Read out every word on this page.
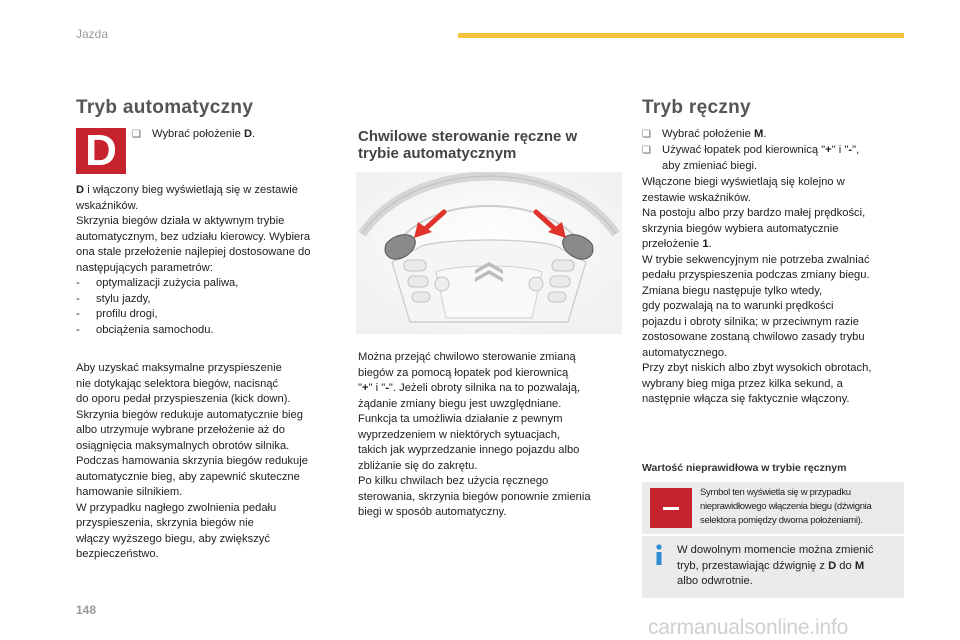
Jazda
Tryb automatyczny
D	❏ Wybrać położenie D.
D i włączony bieg wyświetlają się w zestawie
wskaźników.
Skrzynia biegów działa w aktywnym trybie
automatycznym, bez udziału kierowcy. Wybiera
ona stale przełożenie najlepiej dostosowane do
następujących parametrów:
- optymalizacji zużycia paliwa,
- stylu jazdy,
- profilu drogi,
- obciążenia samochodu.
Aby uzyskać maksymalne przyspieszenie
nie dotykając selektora biegów, nacisnąć
do oporu pedał przyspieszenia (kick down).
Skrzynia biegów redukuje automatycznie bieg
albo utrzymuje wybrane przełożenie aż do
osiągnięcia maksymalnych obrotów silnika.
Podczas hamowania skrzynia biegów redukuje
automatycznie bieg, aby zapewnić skuteczne
hamowanie silnikiem.
W przypadku nagłego zwolnienia pedału
przyspieszenia, skrzynia biegów nie
włączy wyższego biegu, aby zwiększyć
bezpieczeństwo.
Chwilowe sterowanie ręczne w
trybie automatycznym
Można przejąć chwilowo sterowanie zmianą
biegów za pomocą łopatek pod kierownicą
"+" i "-". Jeżeli obroty silnika na to pozwalają,
żądanie zmiany biegu jest uwzględniane.
Funkcja ta umożliwia działanie z pewnym
wyprzedzeniem w niektórych sytuacjach,
takich jak wyprzedzanie innego pojazdu albo
zbliżanie się do zakrętu.
Po kilku chwilach bez użycia ręcznego
sterowania, skrzynia biegów ponownie zmienia
biegi w sposób automatyczny.
Tryb ręczny
❏ Wybrać położenie M.
❏ Używać łopatek pod kierownicą "+" i "-",
aby zmieniać biegi.
Włączone biegi wyświetlają się kolejno w
zestawie wskaźników.
Na postoju albo przy bardzo małej prędkości,
skrzynia biegów wybiera automatycznie
przełożenie 1.
W trybie sekwencyjnym nie potrzeba zwalniać
pedału przyspieszenia podczas zmiany biegu.
Zmiana biegu następuje tylko wtedy,
gdy pozwalają na to warunki prędkości
pojazdu i obroty silnika; w przeciwnym razie
zostosowane zostaną chwilowo zasady trybu
automatycznego.
Przy zbyt niskich albo zbyt wysokich obrotach,
wybrany bieg miga przez kilka sekund, a
następnie włącza się faktycznie włączony.
Wartość nieprawidłowa w trybie ręcznym
Symbol ten wyświetla się w przypadku
nieprawidłowego włączenia biegu (dźwignia
selektora pomiędzy dwoma położeniami).
W dowolnym momencie można zmienić
tryb, przestawiając dźwignię z D do M
albo odwrotnie.
148
carmanualsonline.info
